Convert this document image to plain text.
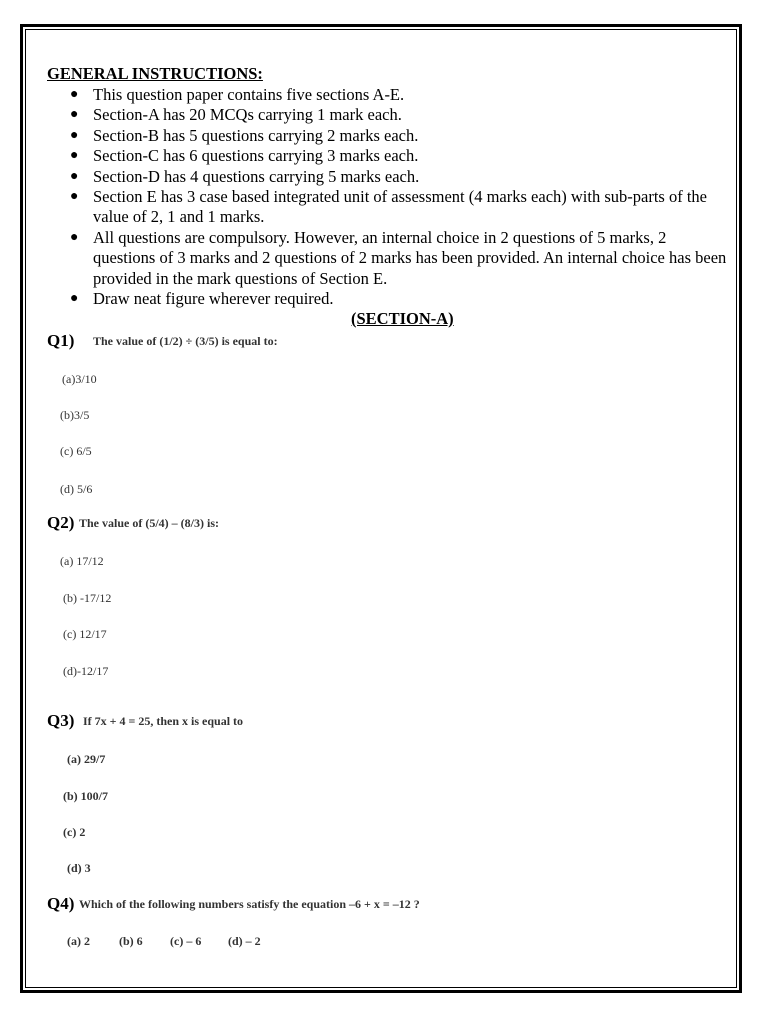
GENERAL INSTRUCTIONS:
● This question paper contains five sections A-E.
● Section-A has 20 MCQs carrying 1 mark each.
● Section-B has 5 questions carrying 2 marks each.
● Section-C has 6 questions carrying 3 marks each.
● Section-D has 4 questions carrying 5 marks each.
● Section E has 3 case based integrated unit of assessment (4 marks each) with sub-parts of the value of 2, 1 and 1 marks.
● All questions are compulsory. However, an internal choice in 2 questions of 5 marks, 2 questions of 3 marks and 2 questions of 2 marks has been provided. An internal choice has been provided in the mark questions of Section E.
● Draw neat figure wherever required.
(SECTION-A)
Q1) The value of (1/2) ÷ (3/5) is equal to:
(a)3/10
(b)3/5
(c) 6/5
(d) 5/6
Q2) The value of (5/4) – (8/3) is:
(a) 17/12
(b) -17/12
(c) 12/17
(d)-12/17
Q3) If 7x + 4 = 25, then x is equal to
(a) 29/7
(b) 100/7
(c) 2
(d) 3
Q4) Which of the following numbers satisfy the equation –6 + x = –12 ?
(a) 2 (b) 6 (c) – 6 (d) – 2
